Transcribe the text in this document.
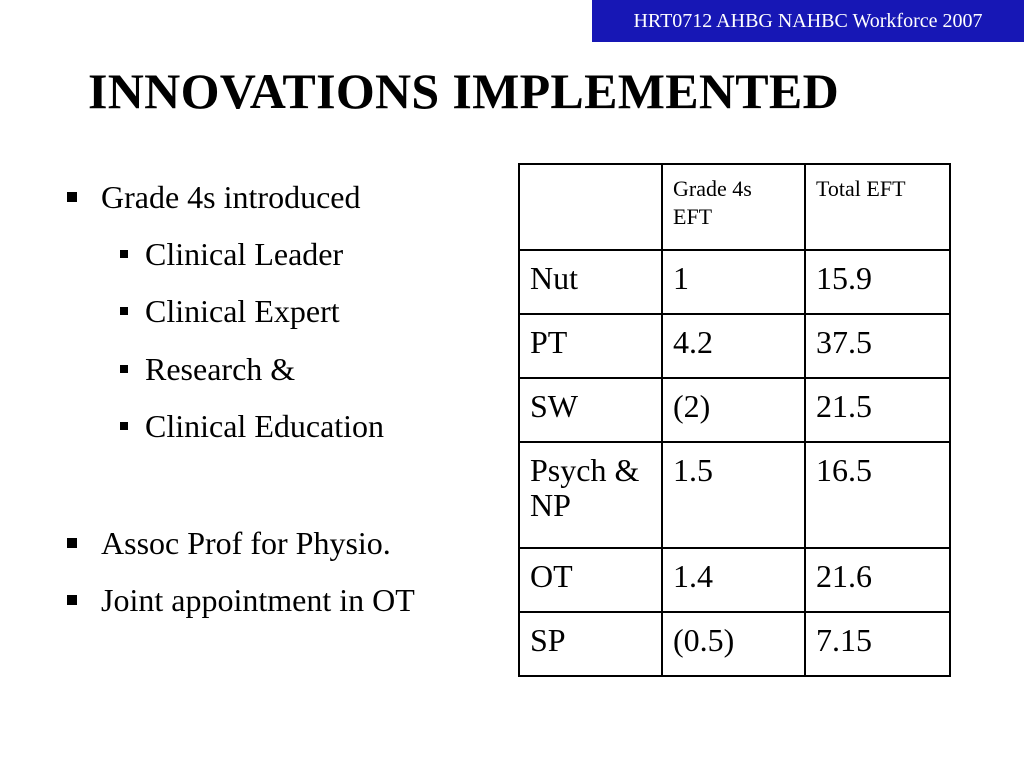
HRT0712 AHBG NAHBC Workforce 2007
INNOVATIONS IMPLEMENTED
Grade 4s introduced
Clinical Leader
Clinical Expert
Research &
Clinical Education
Assoc Prof for Physio.
Joint appointment in OT
	Grade 4s EFT	Total EFT
Nut	1	15.9
PT	4.2	37.5
SW	(2)	21.5
Psych & NP	1.5	16.5
OT	1.4	21.6
SP	(0.5)	7.15
